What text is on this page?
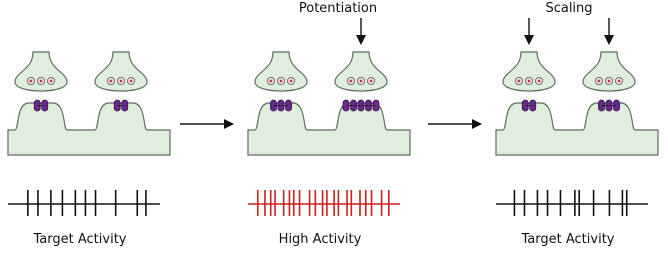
Target Activity
Potentiation
High Activity
Scaling
Target Activity
